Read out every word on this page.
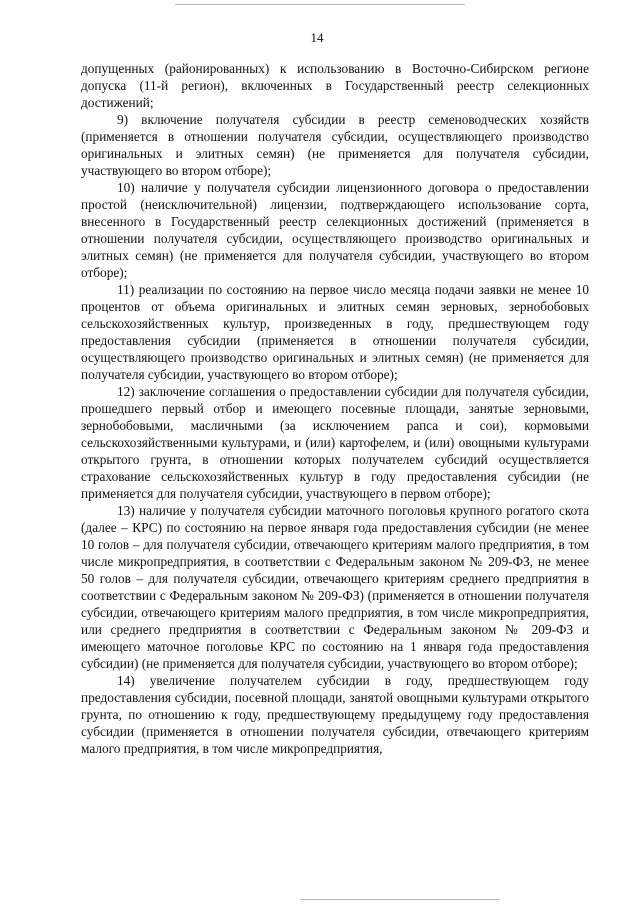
14

допущенных (районированных) к использованию в Восточно-Сибирском регионе допуска (11-й регион), включенных в Государственный реестр селекционных достижений;

9) включение получателя субсидии в реестр семеноводческих хозяйств (применяется в отношении получателя субсидии, осуществляющего производство оригинальных и элитных семян) (не применяется для получателя субсидии, участвующего во втором отборе);

10) наличие у получателя субсидии лицензионного договора о предоставлении простой (неисключительной) лицензии, подтверждающего использование сорта, внесенного в Государственный реестр селекционных достижений (применяется в отношении получателя субсидии, осуществляющего производство оригинальных и элитных семян) (не применяется для получателя субсидии, участвующего во втором отборе);

11) реализации по состоянию на первое число месяца подачи заявки не менее 10 процентов от объема оригинальных и элитных семян зерновых, зернобобовых сельскохозяйственных культур, произведенных в году, предшествующем году предоставления субсидии (применяется в отношении получателя субсидии, осуществляющего производство оригинальных и элитных семян) (не применяется для получателя субсидии, участвующего во втором отборе);

12) заключение соглашения о предоставлении субсидии для получателя субсидии, прошедшего первый отбор и имеющего посевные площади, занятые зерновыми, зернобобовыми, масличными (за исключением рапса и сои), кормовыми сельскохозяйственными культурами, и (или) картофелем, и (или) овощными культурами открытого грунта, в отношении которых получателем субсидий осуществляется страхование сельскохозяйственных культур в году предоставления субсидии (не применяется для получателя субсидии, участвующего в первом отборе);

13) наличие у получателя субсидии маточного поголовья крупного рогатого скота (далее – КРС) по состоянию на первое января года предоставления субсидии (не менее 10 голов – для получателя субсидии, отвечающего критериям малого предприятия, в том числе микропредприятия, в соответствии с Федеральным законом № 209-ФЗ, не менее 50 голов – для получателя субсидии, отвечающего критериям среднего предприятия в соответствии с Федеральным законом № 209-ФЗ) (применяется в отношении получателя субсидии, отвечающего критериям малого предприятия, в том числе микропредприятия, или среднего предприятия в соответствии с Федеральным законом № 209-ФЗ и имеющего маточное поголовье КРС по состоянию на 1 января года предоставления субсидии) (не применяется для получателя субсидии, участвующего во втором отборе);

14) увеличение получателем субсидии в году, предшествующем году предоставления субсидии, посевной площади, занятой овощными культурами открытого грунта, по отношению к году, предшествующему предыдущему году предоставления субсидии (применяется в отношении получателя субсидии, отвечающего критериям малого предприятия, в том числе микропредприятия,
